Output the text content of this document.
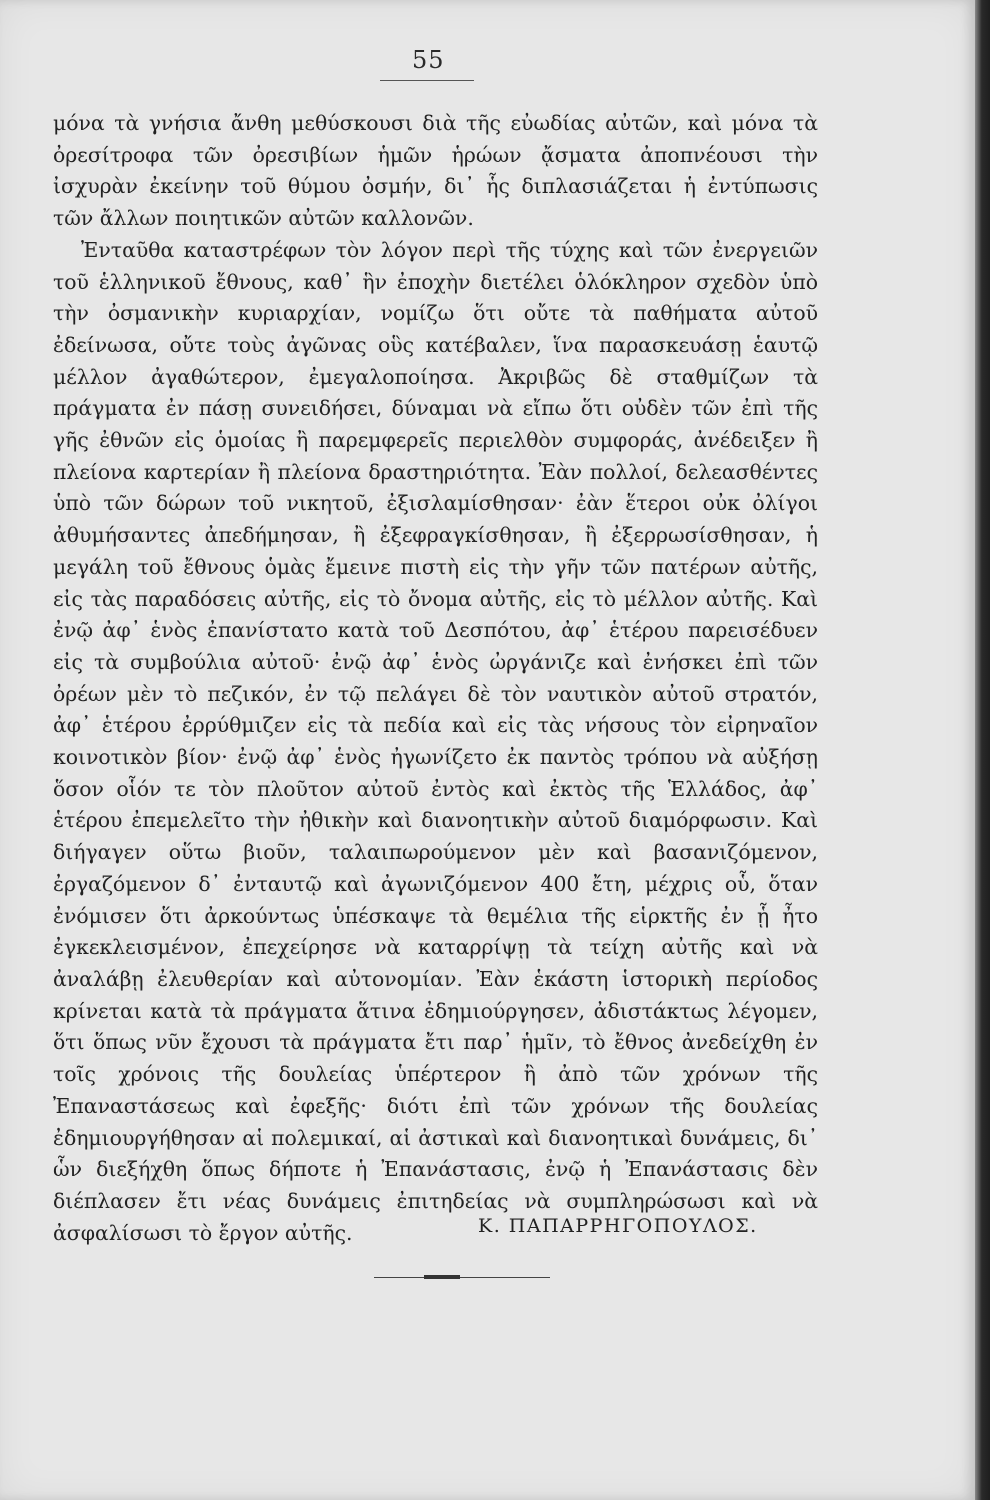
55

μόνα τὰ γνήσια ἄνθη μεθύσκουσι διὰ τῆς εὐωδίας αὐτῶν, καὶ μόνα τὰ ὀρεσίτροφα τῶν ὀρεσιβίων ἡμῶν ἡρώων ᾄσματα ἀποπνέουσι τὴν ἰσχυρὰν ἐκείνην τοῦ θύμου ὀσμήν, δι᾽ ἧς διπλασιάζεται ἡ ἐντύπωσις τῶν ἄλλων ποιητικῶν αὐτῶν καλλονῶν.

Ἐνταῦθα καταστρέφων τὸν λόγον περὶ τῆς τύχης καὶ τῶν ἐνεργειῶν τοῦ ἑλληνικοῦ ἔθνους, καθ᾽ ἣν ἐποχὴν διετέλει ὁλόκληρον σχεδὸν ὑπὸ τὴν ὀσμανικὴν κυριαρχίαν, νομίζω ὅτι οὔτε τὰ παθήματα αὐτοῦ ἐδείνωσα, οὔτε τοὺς ἀγῶνας οὓς κατέβαλεν, ἵνα παρασκευάσῃ ἑαυτῷ μέλλον ἀγαθώτερον, ἐμεγαλοποίησα. Ἀκριβῶς δὲ σταθμίζων τὰ πράγματα ἐν πάσῃ συνειδήσει, δύναμαι νὰ εἴπω ὅτι οὐδὲν τῶν ἐπὶ τῆς γῆς ἐθνῶν εἰς ὁμοίας ἢ παρεμφερεῖς περιελθὸν συμφοράς, ἀνέδειξεν ἢ πλείονα καρτερίαν ἢ πλείονα δραστηριότητα. Ἐὰν πολλοί, δελεασθέντες ὑπὸ τῶν δώρων τοῦ νικητοῦ, ἐξισλαμίσθησαν· ἐὰν ἕτεροι οὐκ ὀλίγοι ἀθυμήσαντες ἀπεδήμησαν, ἢ ἐξεφραγκίσθησαν, ἢ ἐξερρωσίσθησαν, ἡ μεγάλη τοῦ ἔθνους ὁμὰς ἔμεινε πιστὴ εἰς τὴν γῆν τῶν πατέρων αὐτῆς, εἰς τὰς παραδόσεις αὐτῆς, εἰς τὸ ὄνομα αὐτῆς, εἰς τὸ μέλλον αὐτῆς. Καὶ ἐνῷ ἀφ᾽ ἑνὸς ἐπανίστατο κατὰ τοῦ Δεσπότου, ἀφ᾽ ἑτέρου παρεισέδυεν εἰς τὰ συμβούλια αὐτοῦ· ἐνῷ ἀφ᾽ ἑνὸς ὠργάνιζε καὶ ἐνήσκει ἐπὶ τῶν ὀρέων μὲν τὸ πεζικόν, ἐν τῷ πελάγει δὲ τὸν ναυτικὸν αὐτοῦ στρατόν, ἀφ᾽ ἑτέρου ἐρρύθμιζεν εἰς τὰ πεδία καὶ εἰς τὰς νήσους τὸν εἰρηναῖον κοινοτικὸν βίον· ἐνῷ ἀφ᾽ ἑνὸς ἠγωνίζετο ἐκ παντὸς τρόπου νὰ αὐξήσῃ ὅσον οἷόν τε τὸν πλοῦτον αὐτοῦ ἐντὸς καὶ ἐκτὸς τῆς Ἑλλάδος, ἀφ᾽ ἑτέρου ἐπεμελεῖτο τὴν ἠθικὴν καὶ διανοητικὴν αὐτοῦ διαμόρφωσιν. Καὶ διήγαγεν οὕτω βιοῦν, ταλαιπωρούμενον μὲν καὶ βασανιζόμενον, ἐργαζόμενον δ᾽ ἐνταυτῷ καὶ ἀγωνιζόμενον 400 ἔτη, μέχρις οὗ, ὅταν ἐνόμισεν ὅτι ἀρκούντως ὑπέσκαψε τὰ θεμέλια τῆς εἱρκτῆς ἐν ᾗ ἦτο ἐγκεκλεισμένον, ἐπεχείρησε νὰ καταρρίψῃ τὰ τείχη αὐτῆς καὶ νὰ ἀναλάβῃ ἐλευθερίαν καὶ αὐτονομίαν. Ἐὰν ἑκάστη ἱστορικὴ περίοδος κρίνεται κατὰ τὰ πράγματα ἅτινα ἐδημιούργησεν, ἀδιστάκτως λέγομεν, ὅτι ὅπως νῦν ἔχουσι τὰ πράγματα ἔτι παρ᾽ ἡμῖν, τὸ ἔθνος ἀνεδείχθη ἐν τοῖς χρόνοις τῆς δουλείας ὑπέρτερον ἢ ἀπὸ τῶν χρόνων τῆς Ἐπαναστάσεως καὶ ἐφεξῆς· διότι ἐπὶ τῶν χρόνων τῆς δουλείας ἐδημιουργήθησαν αἱ πολεμικαί, αἱ ἀστικαὶ καὶ διανοητικαὶ δυνάμεις, δι᾽ ὧν διεξήχθη ὅπως δήποτε ἡ Ἐπανάστασις, ἐνῷ ἡ Ἐπανάστασις δὲν διέπλασεν ἔτι νέας δυνάμεις ἐπιτηδείας νὰ συμπληρώσωσι καὶ νὰ ἀσφαλίσωσι τὸ ἔργον αὐτῆς.	Κ. ΠΑΠΑΡΡΗΓΟΠΟΥΛΟΣ.
